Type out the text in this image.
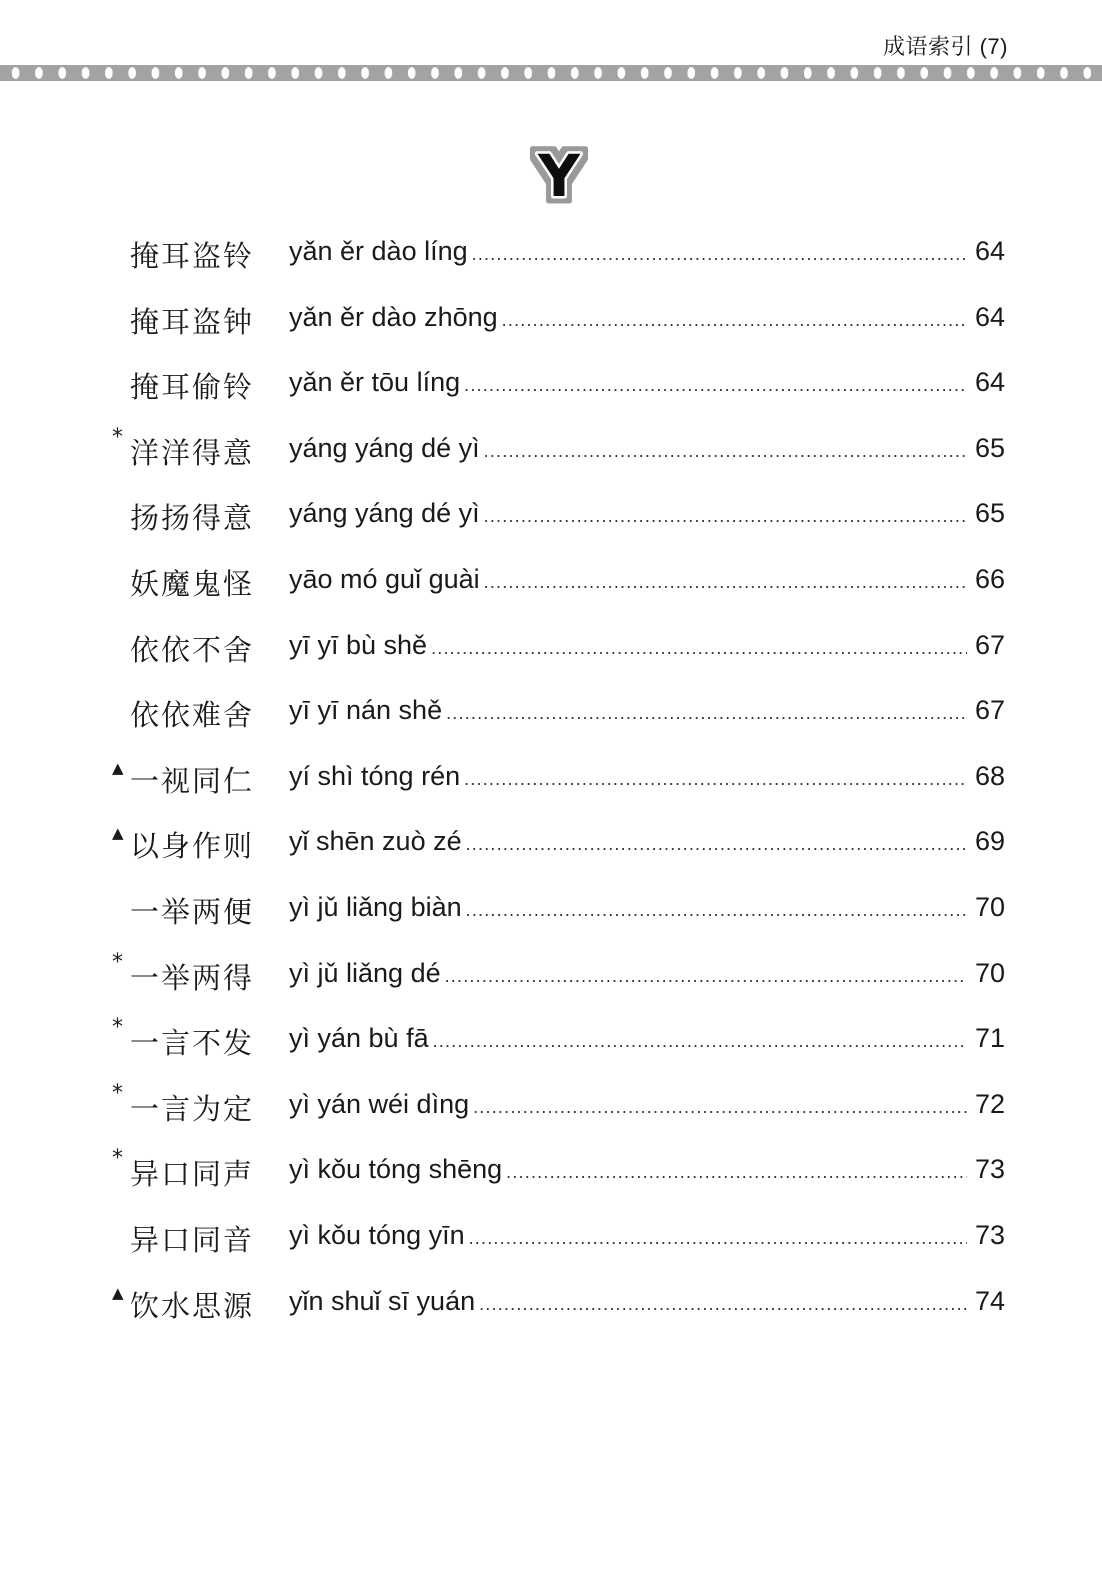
成语索引 (7)
Y
掩耳盗铃 yǎn ěr dào líng .....	64
掩耳盗钟 yǎn ěr dào zhōng .....	64
掩耳偷铃 yǎn ěr tōu líng .....	64
* 洋洋得意 yáng yáng dé yì .....	65
扬扬得意 yáng yáng dé yì .....	65
妖魔鬼怪 yāo mó guǐ guài .....	66
依依不舍 yī yī bù shě .....	67
依依难舍 yī yī nán shě .....	67
▲ 一视同仁 yí shì tóng rén .....	68
▲ 以身作则 yǐ shēn zuò zé .....	69
一举两便 yì jǔ liǎng biàn .....	70
* 一举两得 yì jǔ liǎng dé .....	70
* 一言不发 yì yán bù fā .....	71
* 一言为定 yì yán wéi dìng .....	72
* 异口同声 yì kǒu tóng shēng .....	73
异口同音 yì kǒu tóng yīn .....	73
▲ 饮水思源 yǐn shuǐ sī yuán .....	74
